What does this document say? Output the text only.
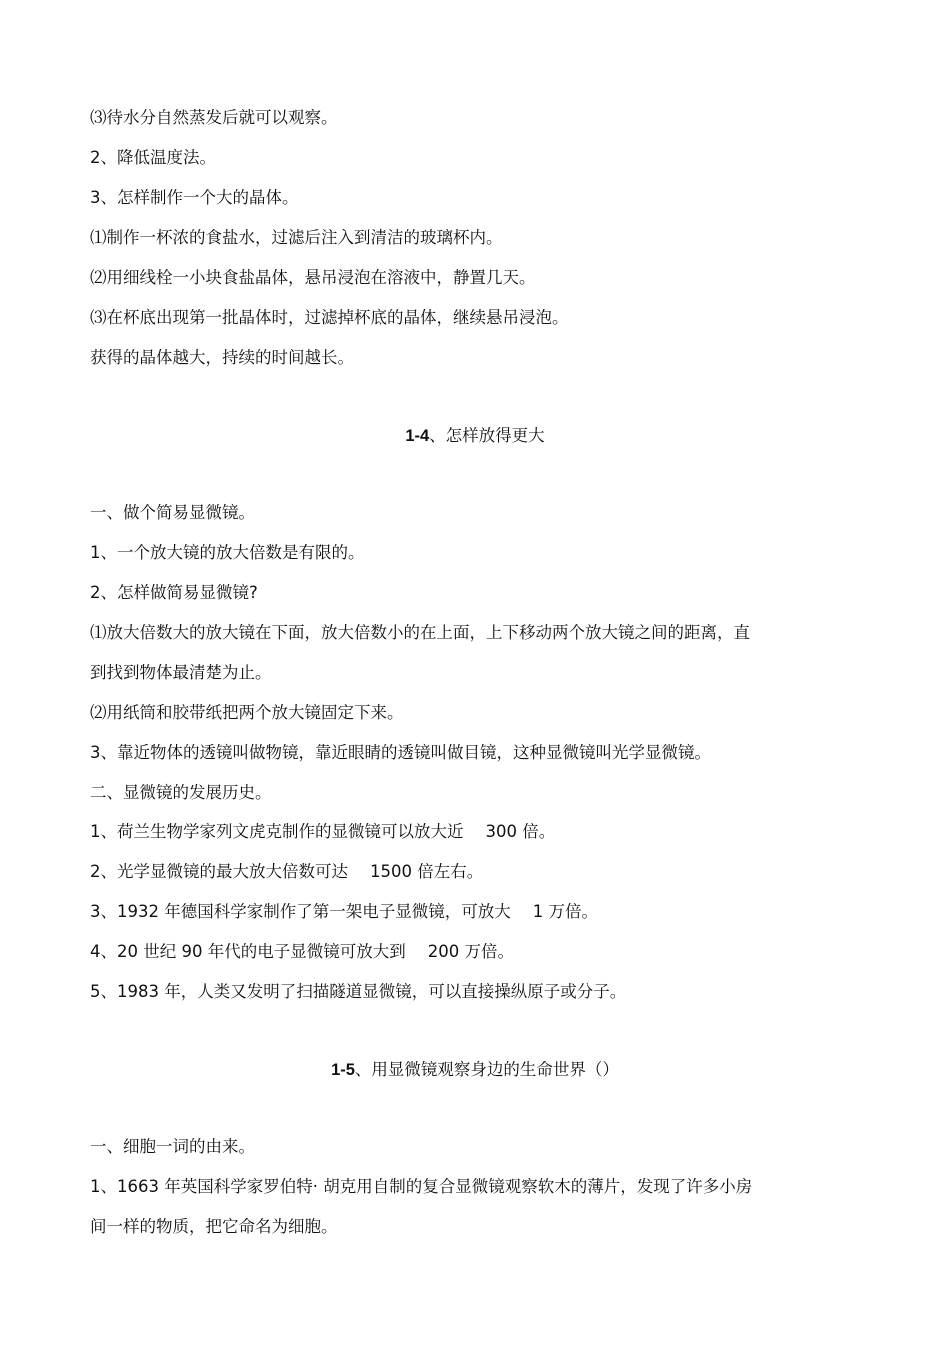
⑶待水分自然蒸发后就可以观察。
2、降低温度法。
3、怎样制作一个大的晶体。
⑴制作一杯浓的食盐水，过滤后注入到清洁的玻璃杯内。
⑵用细线栓一小块食盐晶体，悬吊浸泡在溶液中，静置几天。
⑶在杯底出现第一批晶体时，过滤掉杯底的晶体，继续悬吊浸泡。
获得的晶体越大，持续的时间越长。
1-4、怎样放得更大
一、做个简易显微镜。
1、一个放大镜的放大倍数是有限的。
2、怎样做简易显微镜?
⑴放大倍数大的放大镜在下面，放大倍数小的在上面，上下移动两个放大镜之间的距离，直
到找到物体最清楚为止。
⑵用纸筒和胶带纸把两个放大镜固定下来。
3、靠近物体的透镜叫做物镜，靠近眼睛的透镜叫做目镜，这种显微镜叫光学显微镜。
二、显微镜的发展历史。
1、荷兰生物学家列文虎克制作的显微镜可以放大近 300 倍。
2、光学显微镜的最大放大倍数可达 1500 倍左右。
3、1932 年德国科学家制作了第一架电子显微镜，可放大 1 万倍。
4、20 世纪 90 年代的电子显微镜可放大到 200 万倍。
5、1983 年，人类又发明了扫描隧道显微镜，可以直接操纵原子或分子。
1-5、用显微镜观察身边的生命世界（）
一、细胞一词的由来。
1、1663 年英国科学家罗伯特· 胡克用自制的复合显微镜观察软木的薄片，发现了许多小房
间一样的物质，把它命名为细胞。
